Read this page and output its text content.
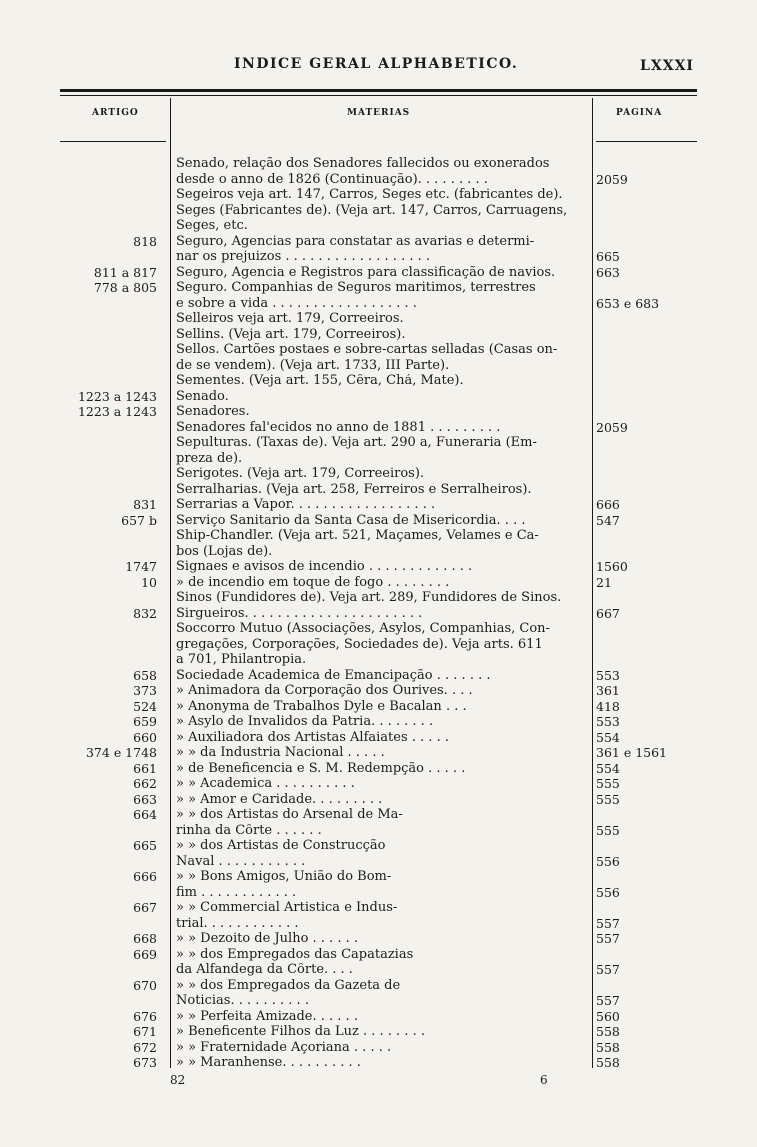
INDICE GERAL ALPHABETICO.	LXXXI
ARTIGO	MATERIAS	PAGINA
Senado, relação dos Senadores fallecidos ou exonerados
desde o anno de 1826 (Continuação). . . . . . . . .	2059
Segeiros veja art. 147, Carros, Seges etc. (fabricantes de).
Seges (Fabricantes de). (Veja art. 147, Carros, Carruagens,
Seges, etc.
818 Seguro, Agencias para constatar as avarias e determi-
nar os prejuizos . . . . . . . . . . . . . . . . . .	665
811 a 817 Seguro, Agencia e Registros para classificação de navios.	663
778 a 805 Seguro. Companhias de Seguros maritimos, terrestres
e sobre a vida . . . . . . . . . . . . . . . . . .	653 e 683
Selleiros veja art. 179, Correeiros.
Sellins. (Veja art. 179, Correeiros).
Sellos. Cartões postaes e sobre-cartas selladas (Casas on-
de se vendem). (Veja art. 1733, III Parte).
Sementes. (Veja art. 155, Cêra, Chá, Mate).
1223 a 1243 Senado.
1223 a 1243 Senadores.
Senadores fal'ecidos no anno de 1881 . . . . . . . . .	2059
Sepulturas. (Taxas de). Veja art. 290 a, Funeraria (Em-
preza de).
Serigotes. (Veja art. 179, Correeiros).
Serralharias. (Veja art. 258, Ferreiros e Serralheiros).
831 Serrarias a Vapor. . . . . . . . . . . . . . . . . .	666
657 b Serviço Sanitario da Santa Casa de Misericordia. . . .	547
Ship-Chandler. (Veja art. 521, Maçames, Velames e Ca-
bos (Lojas de).
1747 Signaes e avisos de incendio . . . . . . . . . . . . .	1560
10 » de incendio em toque de fogo . . . . . . . .	21
Sinos (Fundidores de). Veja art. 289, Fundidores de Sinos.
832 Sirgueiros. . . . . . . . . . . . . . . . . . . . . .	667
Soccorro Mutuo (Associações, Asylos, Companhias, Con-
gregações, Corporações, Sociedades de). Veja arts. 611
a 701, Philantropia.
658 Sociedade Academica de Emancipação . . . . . . .	553
373 » Animadora da Corporação dos Ourives. . . .	361
524 » Anonyma de Trabalhos Dyle e Bacalan . . .	418
659 » Asylo de Invalidos da Patria. . . . . . . .	553
660 » Auxiliadora dos Artistas Alfaiates . . . . .	554
374 e 1748 » » da Industria Nacional . . . . .	361 e 1561
661 » de Beneficencia e S. M. Redempção . . . . .	554
662 » » Academica . . . . . . . . . .	555
663 » » Amor e Caridade. . . . . . . . .	555
664 » » dos Artistas do Arsenal de Ma-
rinha da Côrte . . . . . .	555
665 » » dos Artistas de Construcção
Naval . . . . . . . . . . .	556
666 » » Bons Amigos, União do Bom-
fim . . . . . . . . . . . .	556
667 » » Commercial Artistica e Indus-
trial. . . . . . . . . . . .	557
668 » » Dezoito de Julho . . . . . .	557
669 » » dos Empregados das Capatazias
da Alfandega da Côrte. . . .	557
670 » » dos Empregados da Gazeta de
Noticias. . . . . . . . . .	557
676 » » Perfeita Amizade. . . . . .	560
671 » Beneficente Filhos da Luz . . . . . . . .	558
672 » » Fraternidade Açoriana . . . . .	558
673 » » Maranhense. . . . . . . . . .	558
82	6
